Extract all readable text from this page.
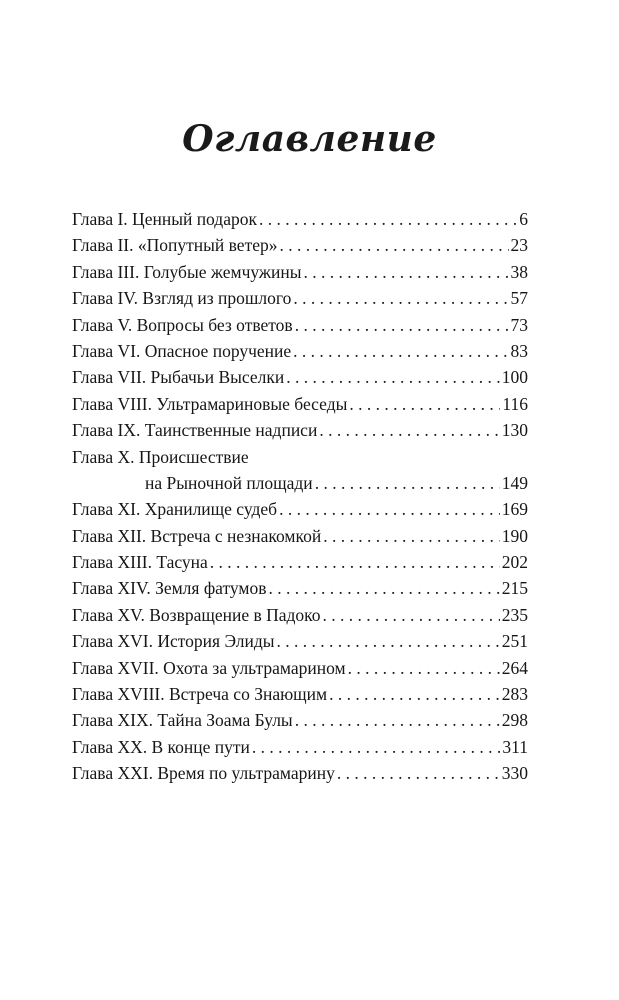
Оглавление
Глава I. Ценный подарок . . .	6
Глава II. «Попутный ветер» . . .	23
Глава III. Голубые жемчужины . . .	38
Глава IV. Взгляд из прошлого . . .	57
Глава V. Вопросы без ответов . . .	73
Глава VI. Опасное поручение . . .	83
Глава VII. Рыбачьи Выселки . . .	100
Глава VIII. Ультрамариновые беседы . . .	116
Глава IX. Таинственные надписи . . .	130
Глава X. Происшествие
на Рыночной площади . . .	149
Глава XI. Хранилище судеб . . .	169
Глава XII. Встреча с незнакомкой . . .	190
Глава XIII. Тасуна . . .	202
Глава XIV. Земля фатумов . . .	215
Глава XV. Возвращение в Падоко . . .	235
Глава XVI. История Элиды . . .	251
Глава XVII. Охота за ультрамарином . . .	264
Глава XVIII. Встреча со Знающим . . .	283
Глава XIX. Тайна Зоама Булы . . .	298
Глава XX. В конце пути . . .	311
Глава XXI. Время по ультрамарину . . .	330
